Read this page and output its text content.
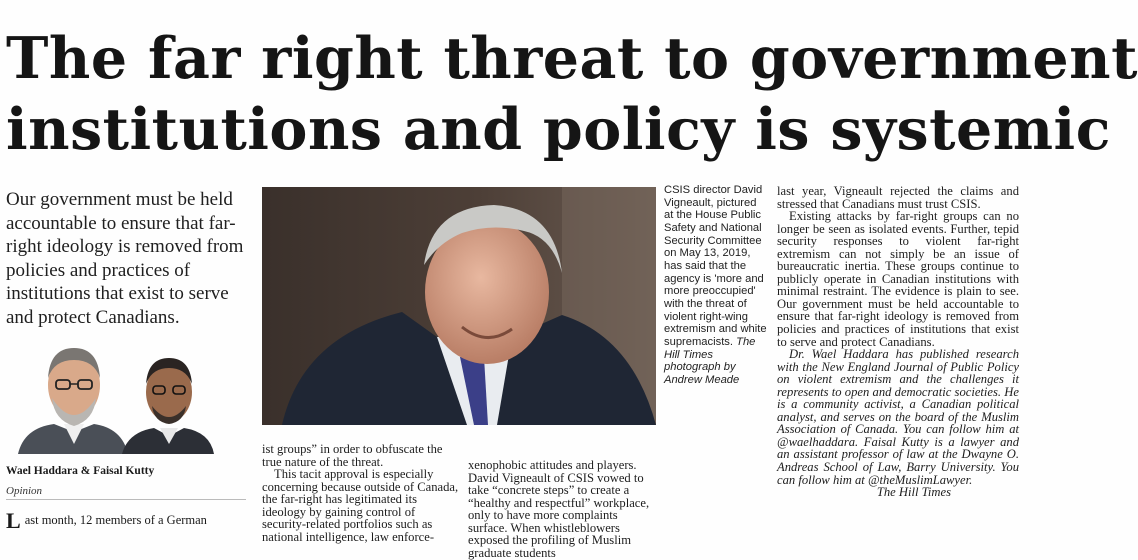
The far right threat to government
institutions and policy is systemic
Our government must be held accountable to ensure that far-right ideology is removed from policies and practices of institutions that exist to serve and protect Canadians.
Wael Haddara & Faisal Kutty
Opinion
Last month, 12 members of a German
CSIS director David Vigneault, pictured at the House Public Safety and National Security Committee on May 13, 2019, has said that the agency is 'more and more preoccupied' with the threat of violent right-wing extremism and white supremacists. The Hill Times photograph by Andrew Meade

ist groups” in order to obfuscate the true nature of the threat.

This tacit approval is especially concerning because outside of Canada, the far-right has legitimated its ideology by gaining control of security-related portfolios such as national intelligence, law enforce-

xenophobic attitudes and players. David Vigneault of CSIS vowed to take “concrete steps” to create a “healthy and respectful” workplace, only to have more complaints surface. When whistleblowers exposed the profiling of Muslim graduate students

last year, Vigneault rejected the claims and stressed that Canadians must trust CSIS.

Existing attacks by far-right groups can no longer be seen as isolated events. Further, tepid security responses to violent far-right extremism can not simply be an issue of bureaucratic inertia. These groups continue to publicly operate in Canadian institutions with minimal restraint. The evidence is plain to see. Our government must be held accountable to ensure that far-right ideology is removed from policies and practices of institutions that exist to serve and protect Canadians.

Dr. Wael Haddara has published research with the New England Journal of Public Policy on violent extremism and the challenges it represents to open and democratic societies. He is a community activist, a Canadian political analyst, and serves on the board of the Muslim Association of Canada. You can follow him at @waelhaddara. Faisal Kutty is a lawyer and an assistant professor of law at the Dwayne O. Andreas School of Law, Barry University. You can follow him at @theMuslimLawyer.

The Hill Times
